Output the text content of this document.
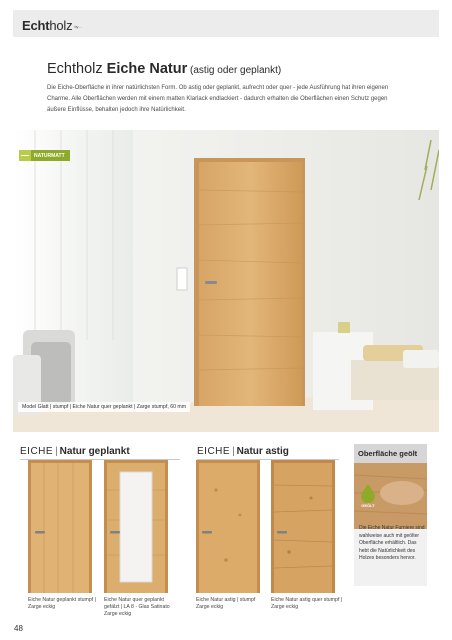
Echtholz by ...
Echtholz Eiche Natur (astig oder geplankt)

Die Eiche-Oberfläche in ihrer natürlichsten Form. Ob astig oder geplankt, aufrecht oder quer - jede Ausführung hat ihren eigenen Charme. Alle Oberflächen werden mit einem matten Klarlack endlackiert - dadurch erhalten die Oberflächen einen Schutz gegen äußere Einflüsse, behalten jedoch ihre Natürlichkeit.

NATURMATT
Model Glatt | stumpf | Eiche Natur quer geplankt | Zarge stumpf, 60 mm
EICHE | Natur geplankt	EICHE | Natur astig
Eiche Natur geplankt stumpf | Zarge eckig
Eiche Natur quer geplankt gefälzt | LA 8 - Glas Satinato Zarge eckig
Eiche Natur astig | stumpf Zarge eckig
Eiche Natur astig quer stumpf | Zarge eckig
Oberfläche geölt
GEÖLT

Die Eiche Natur Furniere sind wahlweise auch mit geölter Oberfläche erhältlich. Das hebt die Natürlichkeit des Holzes besonders hervor.

48
